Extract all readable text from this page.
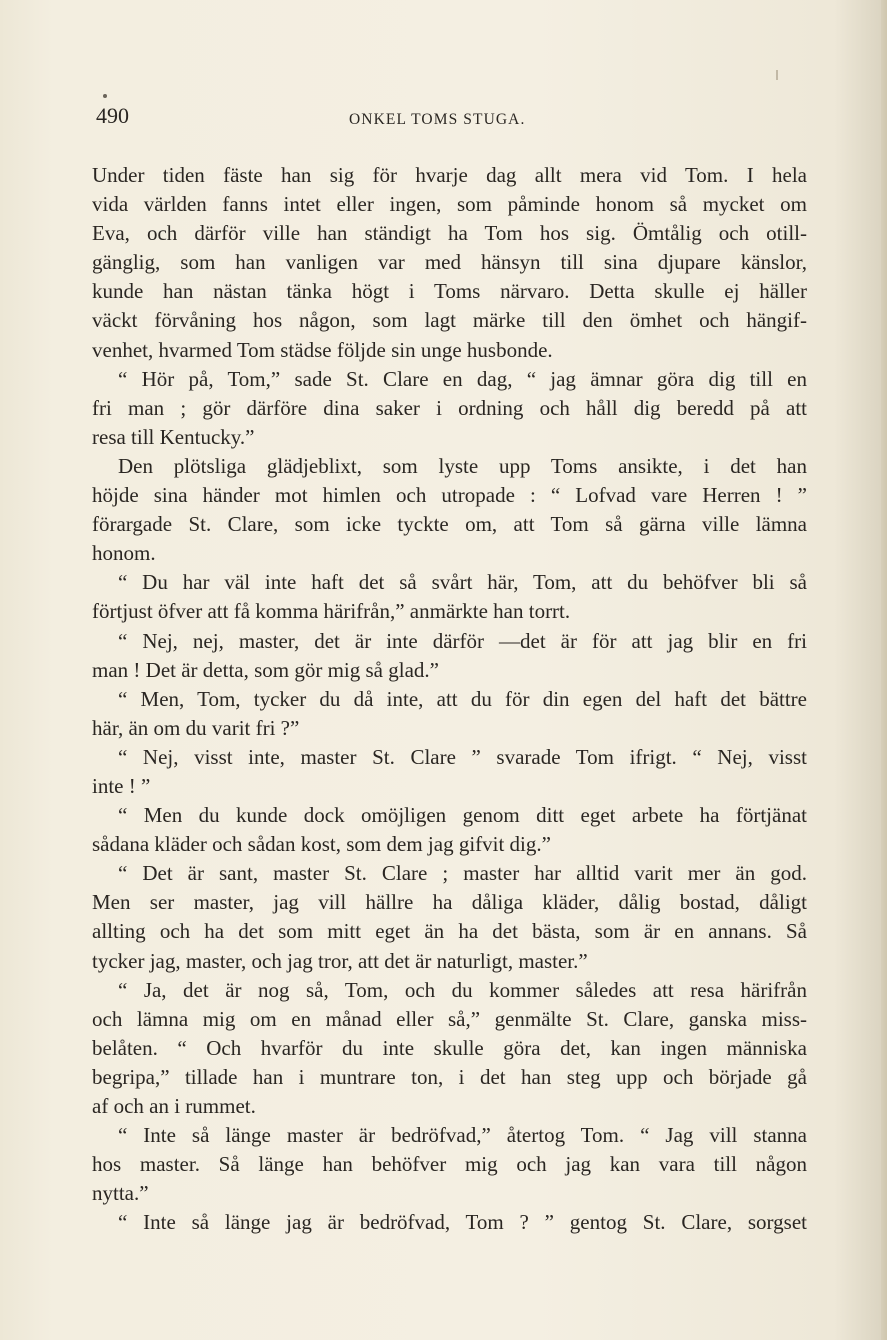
490	ONKEL TOMS STUGA.
Under tiden fäste han sig för hvarje dag allt mera vid Tom. I hela
vida världen fanns intet eller ingen, som påminde honom så mycket om
Eva, och därför ville han ständigt ha Tom hos sig. Ömtålig och otill-
gänglig, som han vanligen var med hänsyn till sina djupare känslor,
kunde han nästan tänka högt i Toms närvaro. Detta skulle ej häller
väckt förvåning hos någon, som lagt märke till den ömhet och hängif-
venhet, hvarmed Tom städse följde sin unge husbonde.
“ Hör på, Tom,” sade St. Clare en dag, “ jag ämnar göra dig till en
fri man ; gör därföre dina saker i ordning och håll dig beredd på att
resa till Kentucky.”
Den plötsliga glädjeblixt, som lyste upp Toms ansikte, i det han
höjde sina händer mot himlen och utropade : “ Lofvad vare Herren ! ”
förargade St. Clare, som icke tyckte om, att Tom så gärna ville lämna
honom.
“ Du har väl inte haft det så svårt här, Tom, att du behöfver bli så
förtjust öfver att få komma härifrån,” anmärkte han torrt.
“ Nej, nej, master, det är inte därför —det är för att jag blir en fri
man ! Det är detta, som gör mig så glad.”
“ Men, Tom, tycker du då inte, att du för din egen del haft det bättre
här, än om du varit fri ?”
“ Nej, visst inte, master St. Clare ” svarade Tom ifrigt. “ Nej, visst
inte ! ”
“ Men du kunde dock omöjligen genom ditt eget arbete ha förtjänat
sådana kläder och sådan kost, som dem jag gifvit dig.”
“ Det är sant, master St. Clare ; master har alltid varit mer än god.
Men ser master, jag vill hällre ha dåliga kläder, dålig bostad, dåligt
allting och ha det som mitt eget än ha det bästa, som är en annans. Så
tycker jag, master, och jag tror, att det är naturligt, master.”
“ Ja, det är nog så, Tom, och du kommer således att resa härifrån
och lämna mig om en månad eller så,” genmälte St. Clare, ganska miss-
belåten. “ Och hvarför du inte skulle göra det, kan ingen människa
begripa,” tillade han i muntrare ton, i det han steg upp och började gå
af och an i rummet.
“ Inte så länge master är bedröfvad,” återtog Tom. “ Jag vill stanna
hos master. Så länge han behöfver mig och jag kan vara till någon
nytta.”
“ Inte så länge jag är bedröfvad, Tom ? ” gentog St. Clare, sorgset
